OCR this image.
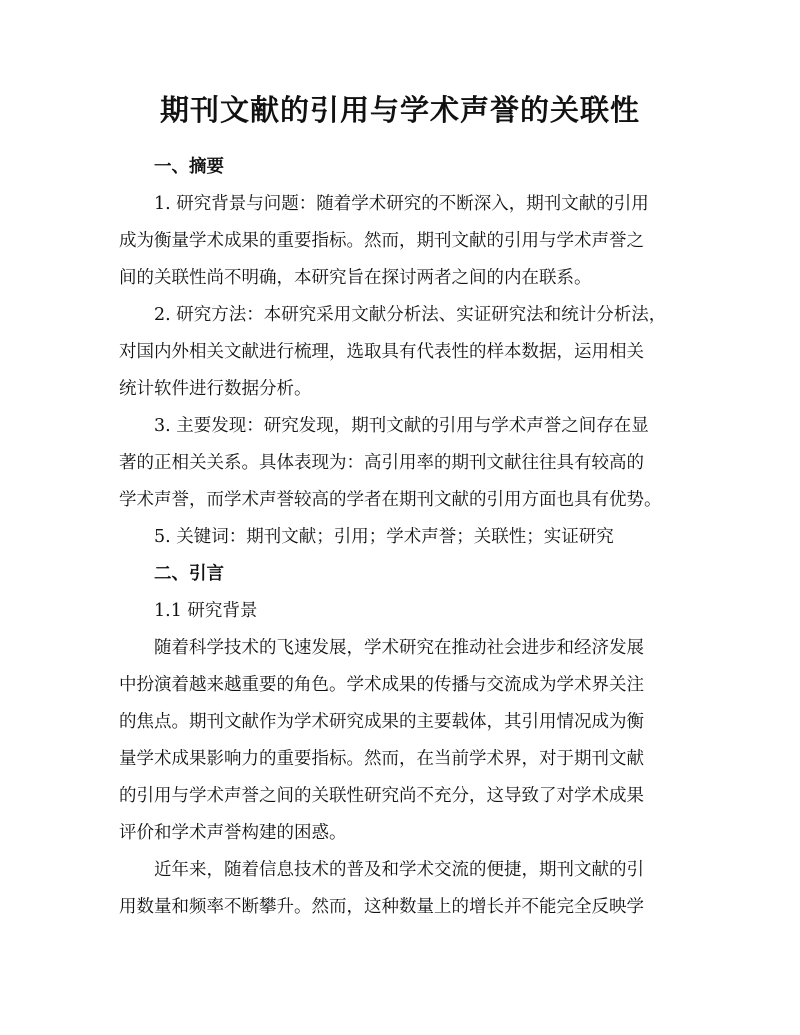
期刊文献的引用与学术声誉的关联性
一、摘要
1. 研究背景与问题：随着学术研究的不断深入，期刊文献的引用
成为衡量学术成果的重要指标。然而，期刊文献的引用与学术声誉之
间的关联性尚不明确，本研究旨在探讨两者之间的内在联系。
2. 研究方法：本研究采用文献分析法、实证研究法和统计分析法，
对国内外相关文献进行梳理，选取具有代表性的样本数据，运用相关
统计软件进行数据分析。
3. 主要发现：研究发现，期刊文献的引用与学术声誉之间存在显
著的正相关关系。具体表现为：高引用率的期刊文献往往具有较高的
学术声誉，而学术声誉较高的学者在期刊文献的引用方面也具有优势。
5. 关键词：期刊文献；引用；学术声誉；关联性；实证研究
二、引言
1.1 研究背景
随着科学技术的飞速发展，学术研究在推动社会进步和经济发展
中扮演着越来越重要的角色。学术成果的传播与交流成为学术界关注
的焦点。期刊文献作为学术研究成果的主要载体，其引用情况成为衡
量学术成果影响力的重要指标。然而，在当前学术界，对于期刊文献
的引用与学术声誉之间的关联性研究尚不充分，这导致了对学术成果
评价和学术声誉构建的困惑。
近年来，随着信息技术的普及和学术交流的便捷，期刊文献的引
用数量和频率不断攀升。然而，这种数量上的增长并不能完全反映学
